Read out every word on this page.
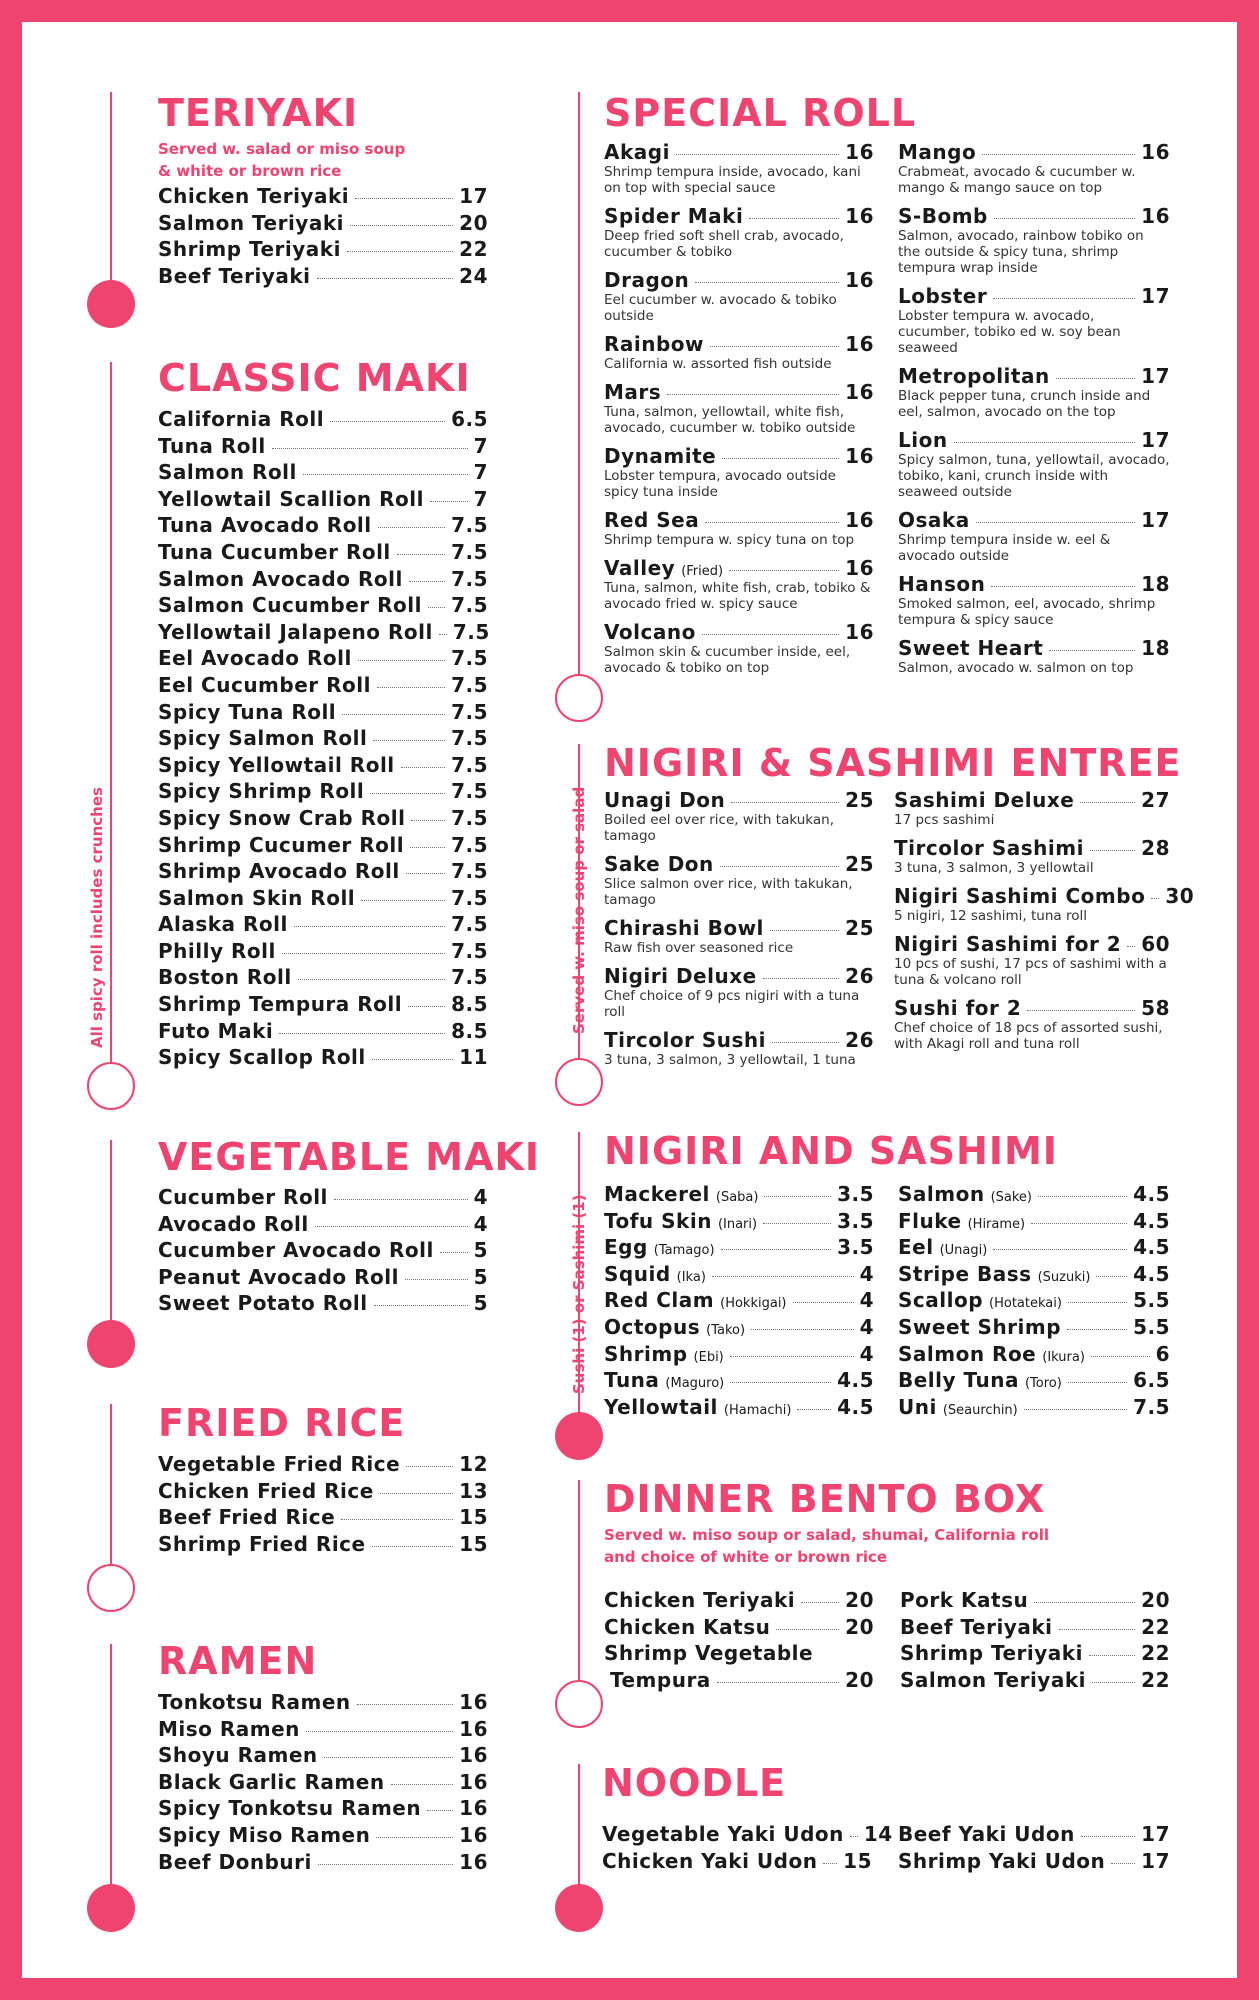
TERIYAKI
Served w. salad or miso soup
& white or brown rice
Chicken Teriyaki	17
Salmon Teriyaki	20
Shrimp Teriyaki	22
Beef Teriyaki	24
All spicy roll includes crunches
CLASSIC MAKI
California Roll	6.5
Tuna Roll	7
Salmon Roll	7
Yellowtail Scallion Roll 7
Tuna Avocado Roll	7.5
Tuna Cucumber Roll	7.5
Salmon Avocado Roll 7.5
Salmon Cucumber Roll 7.5
Yellowtail Jalapeno Roll 7.5
Eel Avocado Roll	7.5
Eel Cucumber Roll	7.5
Spicy Tuna Roll	7.5
Spicy Salmon Roll	7.5
Spicy Yellowtail Roll	7.5
Spicy Shrimp Roll	7.5
Spicy Snow Crab Roll 7.5
Shrimp Cucumer Roll 7.5
Shrimp Avocado Roll	7.5
Salmon Skin Roll	7.5
Alaska Roll	7.5
Philly Roll	7.5
Boston Roll	7.5
Shrimp Tempura Roll 8.5
Futo Maki	8.5
Spicy Scallop Roll	11
VEGETABLE MAKI
Cucumber Roll	4
Avocado Roll	4
Cucumber Avocado Roll 5
Peanut Avocado Roll	5
Sweet Potato Roll	5
FRIED RICE
Vegetable Fried Rice	12
Chicken Fried Rice	13
Beef Fried Rice	15
Shrimp Fried Rice	15
RAMEN
Tonkotsu Ramen	16
Miso Ramen	16
Shoyu Ramen	16
Black Garlic Ramen	16
Spicy Tonkotsu Ramen 16
Spicy Miso Ramen	16
Beef Donburi	16
SPECIAL ROLL
Akagi	16
Shrimp tempura inside, avocado, kani on top with special sauce
Spider Maki	16
Deep fried soft shell crab, avocado, cucumber & tobiko
Dragon	16
Eel cucumber w. avocado & tobiko outside
Rainbow	16
California w. assorted fish outside
Mars	16
Tuna, salmon, yellowtail, white fish, avocado, cucumber w. tobiko outside
Dynamite	16
Lobster tempura, avocado outside spicy tuna inside
Red Sea	16
Shrimp tempura w. spicy tuna on top
Valley (Fried)	16
Tuna, salmon, white fish, crab, tobiko & avocado fried w. spicy sauce
Volcano	16
Salmon skin & cucumber inside, eel, avocado & tobiko on top
Mango	16
Crabmeat, avocado & cucumber w. mango & mango sauce on top
S-Bomb	16
Salmon, avocado, rainbow tobiko on the outside & spicy tuna, shrimp tempura wrap inside
Lobster	17
Lobster tempura w. avocado, cucumber, tobiko ed w. soy bean seaweed
Metropolitan	17
Black pepper tuna, crunch inside and eel, salmon, avocado on the top
Lion	17
Spicy salmon, tuna, yellowtail, avocado, tobiko, kani, crunch inside with seaweed outside
Osaka	17
Shrimp tempura inside w. eel & avocado outside
Hanson	18
Smoked salmon, eel, avocado, shrimp tempura & spicy sauce
Sweet Heart	18
Salmon, avocado w. salmon on top
Served w. miso soup or salad
NIGIRI & SASHIMI ENTREE
Unagi Don	25
Boiled eel over rice, with takukan, tamago
Sake Don	25
Slice salmon over rice, with takukan, tamago
Chirashi Bowl	25
Raw fish over seasoned rice
Nigiri Deluxe	26
Chef choice of 9 pcs nigiri with a tuna roll
Tircolor Sushi	26
3 tuna, 3 salmon, 3 yellowtail, 1 tuna
Sashimi Deluxe	27
17 pcs sashimi
Tircolor Sashimi	28
3 tuna, 3 salmon, 3 yellowtail
Nigiri Sashimi Combo 30
5 nigiri, 12 sashimi, tuna roll
Nigiri Sashimi for 2 60
10 pcs of sushi, 17 pcs of sashimi with a tuna & volcano roll
Sushi for 2	58
Chef choice of 18 pcs of assorted sushi, with Akagi roll and tuna roll
Sushi (1) or Sashimi (1)
NIGIRI AND SASHIMI
Mackerel (Saba)	3.5
Tofu Skin (Inari)	3.5
Egg (Tamago)	3.5
Squid (Ika)	4
Red Clam (Hokkigai)	4
Octopus (Tako)	4
Shrimp (Ebi)	4
Tuna (Maguro)	4.5
Yellowtail (Hamachi) 4.5
Salmon (Sake)	4.5
Fluke (Hirame)	4.5
Eel (Unagi)	4.5
Stripe Bass (Suzuki) 4.5
Scallop (Hotatekai)	5.5
Sweet Shrimp	5.5
Salmon Roe (Ikura)	6
Belly Tuna (Toro)	6.5
Uni (Seaurchin)	7.5
DINNER BENTO BOX
Served w. miso soup or salad, shumai, California roll
and choice of white or brown rice
Chicken Teriyaki	20
Chicken Katsu	20
Shrimp Vegetable
Tempura	20
Pork Katsu	20
Beef Teriyaki	22
Shrimp Teriyaki	22
Salmon Teriyaki	22
NOODLE
Vegetable Yaki Udon 14
Chicken Yaki Udon 15
Beef Yaki Udon	17
Shrimp Yaki Udon 17
